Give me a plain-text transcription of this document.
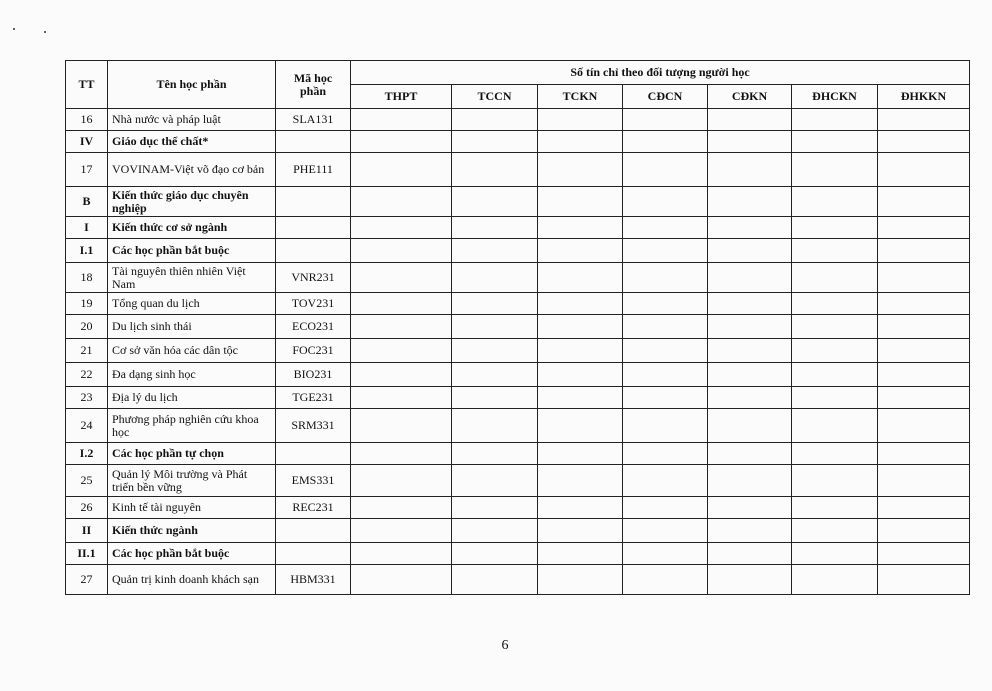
TT	Tên học phần	Mã học phần	Số tín chỉ theo đối tượng người học						
			THPT	TCCN	TCKN	CĐCN	CĐKN	ĐHCKN	ĐHKKN
16	Nhà nước và pháp luật	SLA131							
IV	Giáo dục thể chất*								
17	VOVINAM-Việt võ đạo cơ bản	PHE111							
B	Kiến thức giáo dục chuyên nghiệp								
I	Kiến thức cơ sở ngành								
I.1	Các học phần bắt buộc								
18	Tài nguyên thiên nhiên Việt Nam	VNR231							
19	Tổng quan du lịch	TOV231							
20	Du lịch sinh thái	ECO231							
21	Cơ sở văn hóa các dân tộc	FOC231							
22	Đa dạng sinh học	BIO231							
23	Địa lý du lịch	TGE231							
24	Phương pháp nghiên cứu khoa học	SRM331							
I.2	Các học phần tự chọn								
25	Quản lý Môi trường và Phát triển bền vững	EMS331							
26	Kinh tế tài nguyên	REC231							
II	Kiến thức ngành								
II.1	Các học phần bắt buộc								
27	Quản trị kinh doanh khách sạn	HBM331							
6
